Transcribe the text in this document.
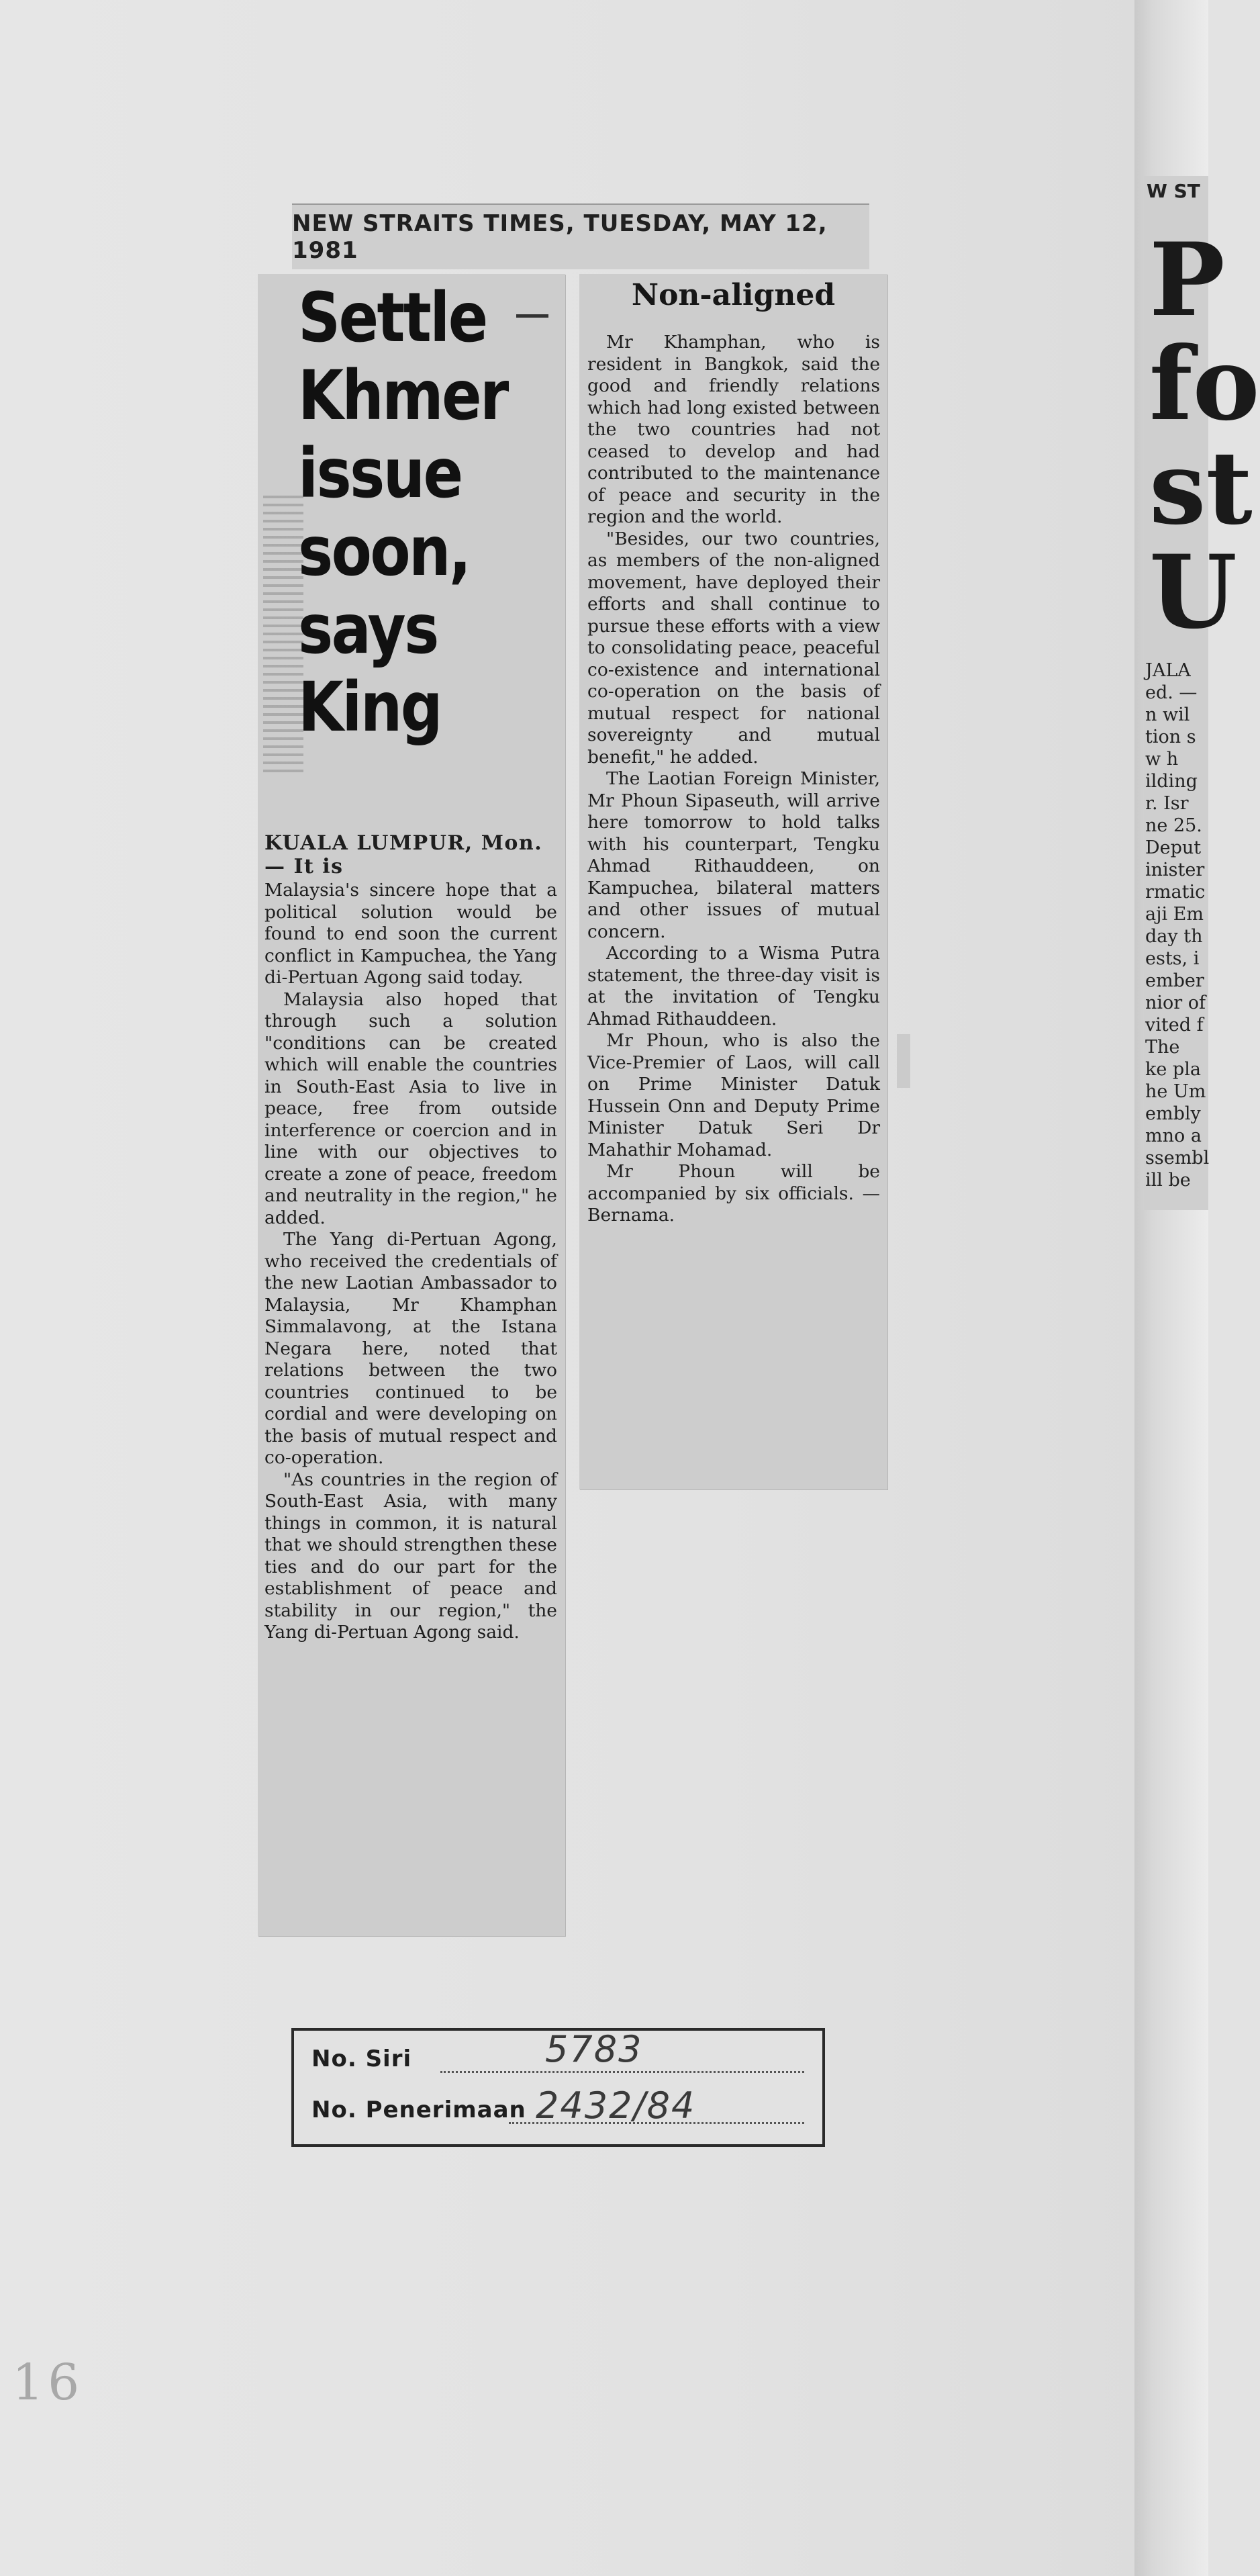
NEW STRAITS TIMES, TUESDAY, MAY 12, 1981
Settle
Khmer
issue
soon,
says
King
KUALA LUMPUR, Mon. — It is

Malaysia's sincere hope that a political solution would be found to end soon the current conflict in Kampuchea, the Yang di-Pertuan Agong said today.

Malaysia also hoped that through such a solution "conditions can be created which will enable the countries in South-East Asia to live in peace, free from outside interference or coercion and in line with our objectives to create a zone of peace, freedom and neutrality in the region," he added.

The Yang di-Pertuan Agong, who received the credentials of the new Laotian Ambassador to Malaysia, Mr Khamphan Simmalavong, at the Istana Negara here, noted that relations between the two countries continued to be cordial and were developing on the basis of mutual respect and co-operation.

"As countries in the region of South-East Asia, with many things in common, it is natural that we should strengthen these ties and do our part for the establishment of peace and stability in our region," the Yang di-Pertuan Agong said.

Non-aligned

Mr Khamphan, who is resident in Bangkok, said the good and friendly relations which had long existed between the two countries had not ceased to develop and had contributed to the maintenance of peace and security in the region and the world.

"Besides, our two countries, as members of the non-aligned movement, have deployed their efforts and shall continue to pursue these efforts with a view to consolidating peace, peaceful co-existence and international co-operation on the basis of mutual respect for national sovereignty and mutual benefit," he added.

The Laotian Foreign Minister, Mr Phoun Sipaseuth, will arrive here tomorrow to hold talks with his counterpart, Tengku Ahmad Rithauddeen, on Kampuchea, bilateral matters and other issues of mutual concern.

According to a Wisma Putra statement, the three-day visit is at the invitation of Tengku Ahmad Rithauddeen.

Mr Phoun, who is also the Vice-Premier of Laos, will call on Prime Minister Datuk Hussein Onn and Deputy Prime Minister Datuk Seri Dr Mahathir Mohamad.

Mr Phoun will be accompanied by six officials. — Bernama.

W ST
P
fo
st
U
JALA
ed. —
n wil
tion s
w h
ilding
r. Isr
ne 25.
Deput
inister
rmatic
aji Em
day th
ests, i
ember
nior of
vited f
The
ke pla
he Um
embly
mno a
ssembl
ill be
No. Siri	5783
No. Penerimaan 2432/84
16
